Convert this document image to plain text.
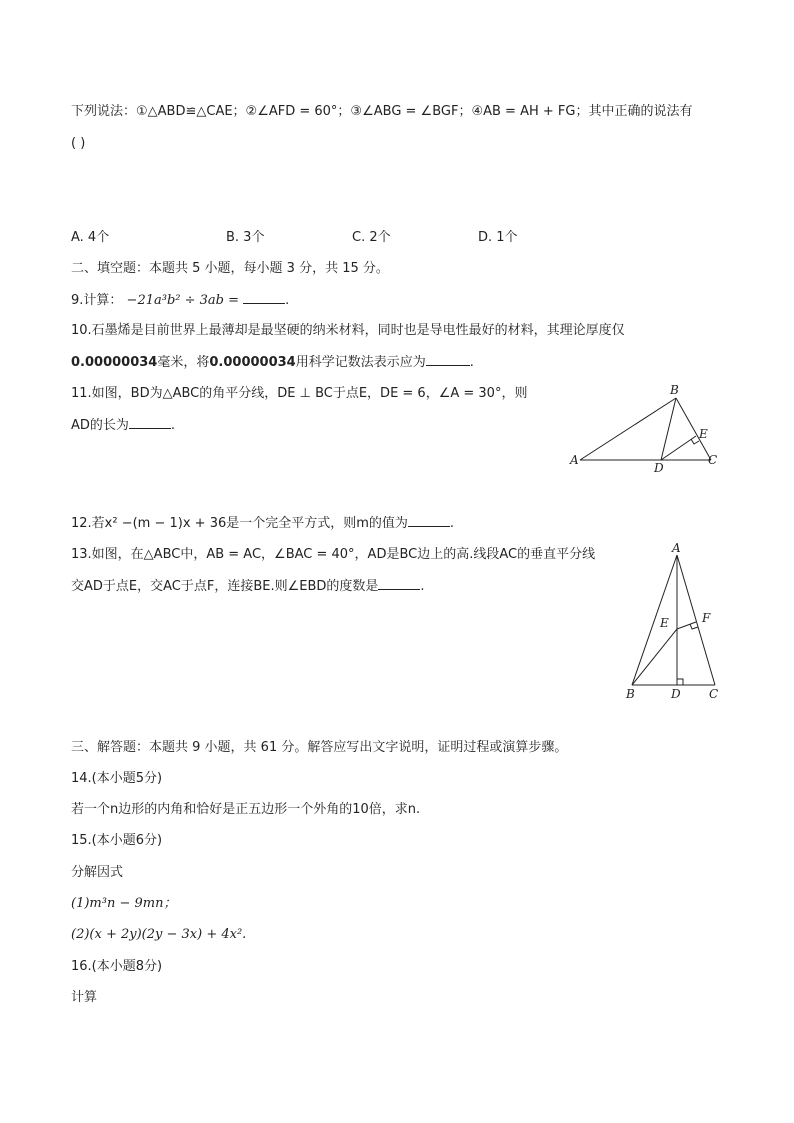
下列说法：①△ABD≌△CAE；②∠AFD = 60°；③∠ABG = ∠BGF；④AB = AH + FG；其中正确的说法有
( )
A. 4个	B. 3个	C. 2个	D. 1个
二、填空题：本题共 5 小题，每小题 3 分，共 15 分。
9.计算： −21a³b² ÷ 3ab =	.
10.石墨烯是目前世界上最薄却是最坚硬的纳米材料，同时也是导电性最好的材料，其理论厚度仅
0.00000034毫米，将0.00000034用科学记数法表示应为	.
11.如图，BD为△ABC的角平分线，DE ⊥ BC于点E，DE = 6，∠A = 30°，则
AD的长为	.
B
E
A
D
C
12.若x² −(m − 1)x + 36是一个完全平方式，则m的值为	.
13.如图，在△ABC中，AB = AC，∠BAC = 40°，AD是BC边上的高.线段AC的垂直平分线
交AD于点E，交AC于点F，连接BE.则∠EBD的度数是	.
A
F
E
B	D C
三、解答题：本题共 9 小题，共 61 分。解答应写出文字说明，证明过程或演算步骤。
14.(本小题5分)
若一个n边形的内角和恰好是正五边形一个外角的10倍，求n.
15.(本小题6分)
分解因式
(1)m³n − 9mn；
(2)(x + 2y)(2y − 3x) + 4x².
16.(本小题8分)
计算
